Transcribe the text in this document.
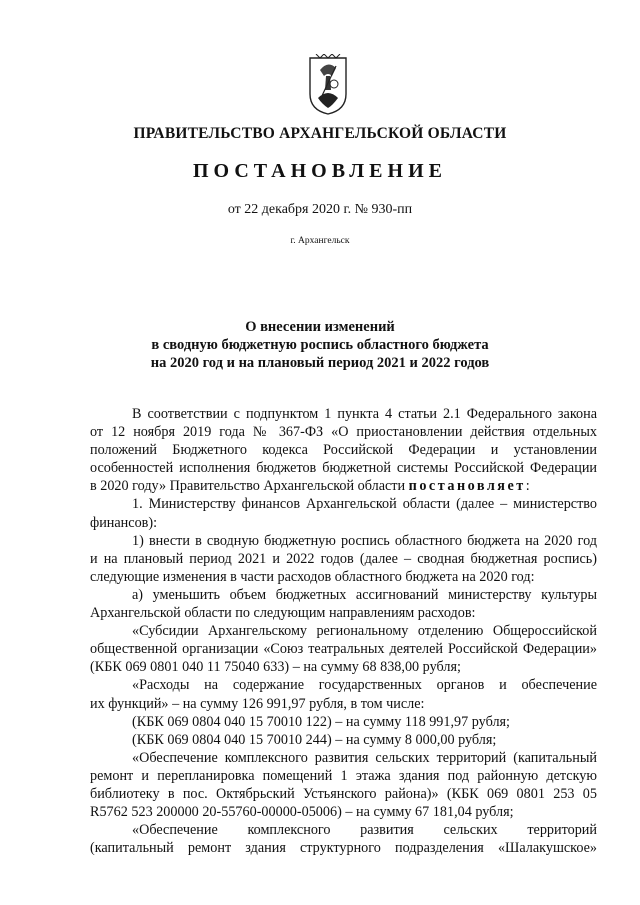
ПРАВИТЕЛЬСТВО АРХАНГЕЛЬСКОЙ ОБЛАСТИ
ПОСТАНОВЛЕНИЕ
от 22 декабря 2020 г. № 930-пп
г. Архангельск
О внесении изменений
в сводную бюджетную роспись областного бюджета
на 2020 год и на плановый период 2021 и 2022 годов
В соответствии с подпунктом 1 пункта 4 статьи 2.1 Федерального закона
от 12 ноября 2019 года № 367-ФЗ «О приостановлении действия отдельных
положений Бюджетного кодекса Российской Федерации и установлении
особенностей исполнения бюджетов бюджетной системы Российской Федерации
в 2020 году» Правительство Архангельской области постановляет:
1. Министерству финансов Архангельской области (далее – министерство
финансов):
1) внести в сводную бюджетную роспись областного бюджета на 2020 год
и на плановый период 2021 и 2022 годов (далее – сводная бюджетная роспись)
следующие изменения в части расходов областного бюджета на 2020 год:
а) уменьшить объем бюджетных ассигнований министерству культуры
Архангельской области по следующим направлениям расходов:
«Субсидии Архангельскому региональному отделению Общероссийской
общественной организации «Союз театральных деятелей Российской Федерации»
(КБК 069 0801 040 11 75040 633) – на сумму 68 838,00 рубля;
«Расходы на содержание государственных органов и обеспечение
их функций» – на сумму 126 991,97 рубля, в том числе:
(КБК 069 0804 040 15 70010 122) – на сумму 118 991,97 рубля;
(КБК 069 0804 040 15 70010 244) – на сумму 8 000,00 рубля;
«Обеспечение комплексного развития сельских территорий (капитальный
ремонт и перепланировка помещений 1 этажа здания под районную детскую
библиотеку в пос. Октябрьский Устьянского района)» (КБК 069 0801 253 05
R5762 523 200000 20-55760-00000-05006) – на сумму 67 181,04 рубля;
«Обеспечение комплексного развития сельских территорий
(капитальный ремонт здания структурного подразделения «Шалакушское»
